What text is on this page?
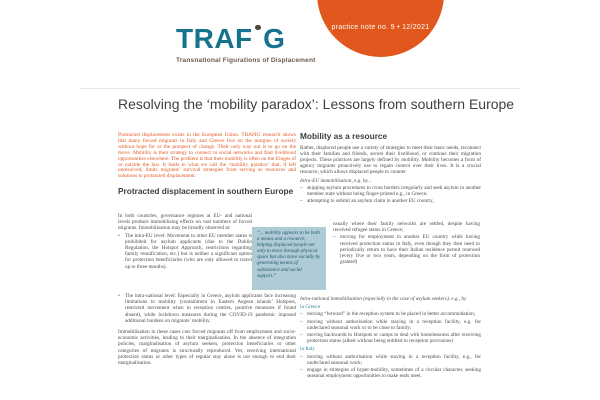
practice note no. 9 • 12/2021
TRAF G
Transnational Figurations of Displacement
Resolving the ‘mobility paradox’: Lessons from southern Europe
Protracted displacement exists in the European Union. TRAFIG research shows that many forced migrants in Italy and Greece live on the margins of society without hope for or the prospect of change. Their only way out is to go on the move. Mobility is their strategy to connect to social networks and find livelihood opportunities elsewhere. The problem is that their mobility is often on the fringes of or outside the law. It leads to what we call the ‘mobility paradox’ that, if left unresolved, limits migrants’ survival strategies from serving as resources and solutions to protracted displacement.
Protracted displacement in southern Europe
In both countries, governance regimes at EU- and national levels produce immobilising effects on vast numbers of forced migrants. Immobilisation may be broadly observed at:
• The intra-EU level: Movement to other EU member states is prohibited for asylum applicants (due to the Dublin Regulation, the Hotspot Approach, restrictions regarding family reunification, etc.) but is neither a significant option for protection beneficiaries (who are only allowed to travel up to three months).
• The intra-national level: Especially in Greece, asylum applicants face increasing limitations to mobility (containment in Eastern Aegean islands’ Hotspots, restricted movement when in reception centres, punitive measures if found absent), while lockdown measures during the COVID-19 pandemic imposed additional burdens on migrants’ mobility.
Immobilisation in these cases cuts forced migrants off from employment and socio-economic activities, leading to their marginalisation. In the absence of integration policies, marginalisation of asylum seekers, protection beneficiaries or other categories of migrants is structurally reproduced. Yet, receiving international protection status or other types of regular stay alone is not enough to end their marginalisation.
“... mobility appears to be both a means and a resource, helping displaced people not only to move through physical space but also move socially by generating means of subsistence and social support.”
Mobility as a resource
Rather, displaced people use a variety of strategies to meet their basic needs, reconnect with their families and friends, secure their livelihood, or continue their migration projects. These practices are largely defined by mobility. Mobility becomes a form of agency migrants proactively use to regain control over their lives. It is a crucial resource, which allows displaced people to counter
Intra-EU immobilisation, e.g. by...
– skipping asylum procedures to cross borders irregularly and seek asylum in another member state without being finger-printed e.g., in Greece;
– attempting to submit an asylum claim in another EU country,
usually where their family networks are settled, despite having received refugee status in Greece;
– moving for employment in another EU country while having received protection status in Italy, even though they then need to periodically return to have their Italian residence permit renewed (every five or two years, depending on the form of protection granted)
Intra-national immobilisation (especially in the case of asylum seekers), e.g., by
in Greece
– moving “forward” in the reception system to be placed in better accommodation;
– moving without authorisation while staying in a reception facility, e.g. for undeclared seasonal work or to be close to family;
– moving backwards to Hotspots or camps to deal with homelessness after receiving protection status (albeit without being entitled to reception provisions)
in Italy
– moving without authorisation while staying in a reception facility, e.g., for undeclared seasonal work;
– engage in strategies of hyper-mobility, sometimes of a circular character, seeking seasonal employment opportunities to make ends meet.
